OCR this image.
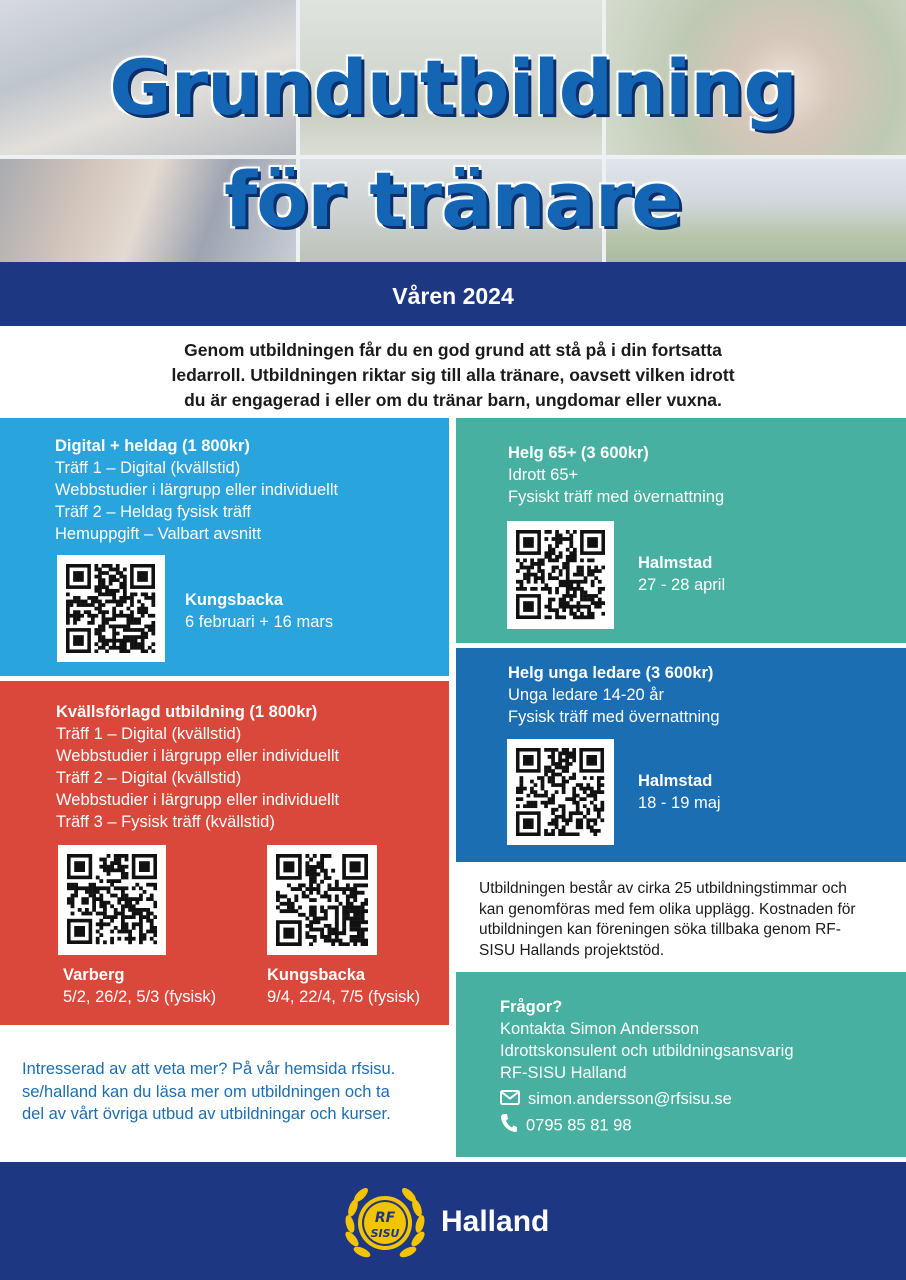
Grundutbildning
för tränare
Våren 2024
Genom utbildningen får du en god grund att stå på i din fortsatta
ledarroll. Utbildningen riktar sig till alla tränare, oavsett vilken idrott
du är engagerad i eller om du tränar barn, ungdomar eller vuxna.
Digital + heldag (1 800kr)
Träff 1 – Digital (kvällstid)
Webbstudier i lärgrupp eller individuellt
Träff 2 – Heldag fysisk träff
Hemuppgift – Valbart avsnitt
Kungsbacka
6 februari + 16 mars
Kvällsförlagd utbildning (1 800kr)
Träff 1 – Digital (kvällstid)
Webbstudier i lärgrupp eller individuellt
Träff 2 – Digital (kvällstid)
Webbstudier i lärgrupp eller individuellt
Träff 3 – Fysisk träff (kvällstid)
Varberg
5/2, 26/2, 5/3 (fysisk)
Kungsbacka
9/4, 22/4, 7/5 (fysisk)
Helg 65+ (3 600kr)
Idrott 65+
Fysiskt träff med övernattning
Halmstad
27 - 28 april
Helg unga ledare (3 600kr)
Unga ledare 14-20 år
Fysisk träff med övernattning
Halmstad
18 - 19 maj
Utbildningen består av cirka 25 utbildningstimmar och
kan genomföras med fem olika upplägg. Kostnaden för
utbildningen kan föreningen söka tillbaka genom RF-
SISU Hallands projektstöd.
Frågor?
Kontakta Simon Andersson
Idrottskonsulent och utbildningsansvarig
RF-SISU Halland
simon.andersson@rfsisu.se
0795 85 81 98
Intresserad av att veta mer? På vår hemsida rfsisu.
se/halland kan du läsa mer om utbildningen och ta
del av vårt övriga utbud av utbildningar och kurser.
RF
SISU Halland
